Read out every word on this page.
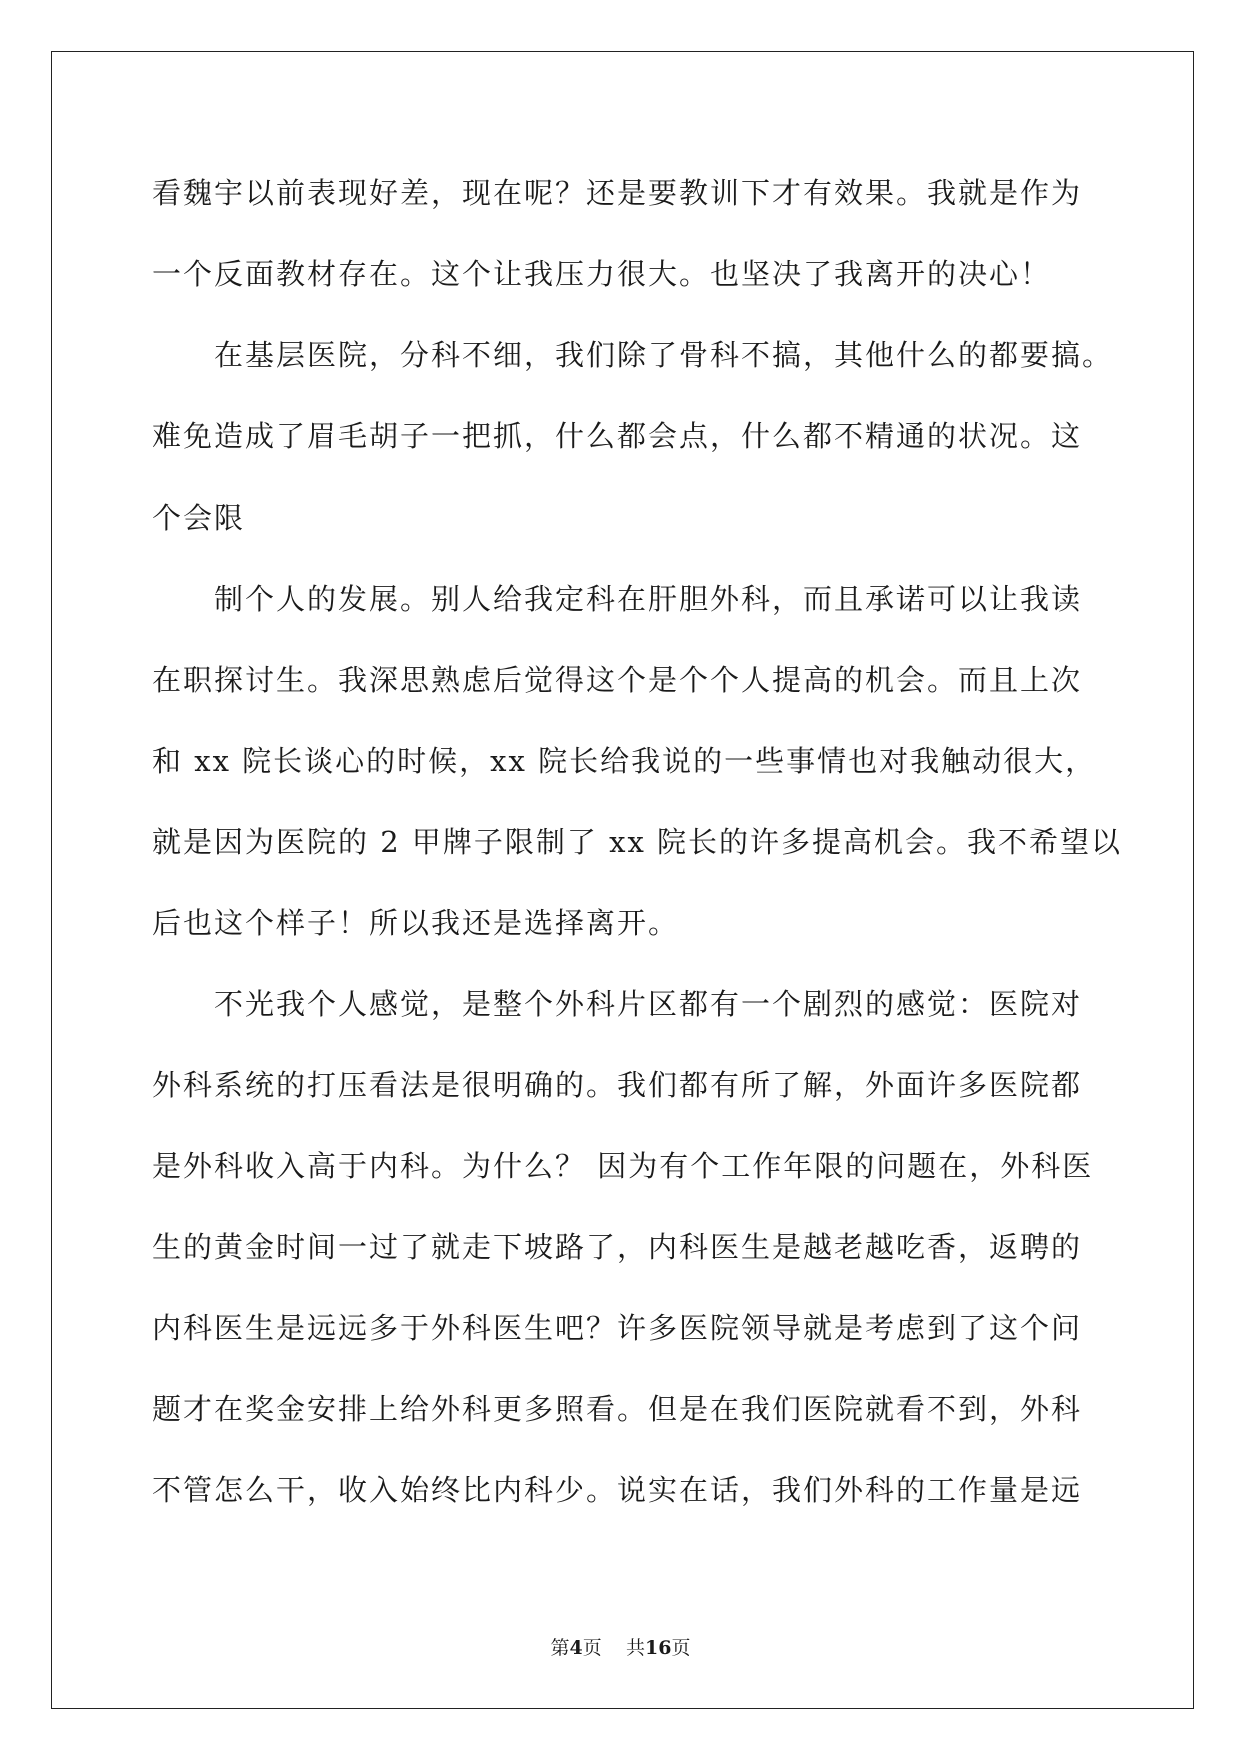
看魏宇以前表现好差，现在呢？还是要教训下才有效果。我就是作为

一个反面教材存在。这个让我压力很大。也坚决了我离开的决心！

　　在基层医院，分科不细，我们除了骨科不搞，其他什么的都要搞。

难免造成了眉毛胡子一把抓，什么都会点，什么都不精通的状况。这

个会限

　　制个人的发展。别人给我定科在肝胆外科，而且承诺可以让我读

在职探讨生。我深思熟虑后觉得这个是个个人提高的机会。而且上次

和 xx 院长谈心的时候，xx 院长给我说的一些事情也对我触动很大，

就是因为医院的 2 甲牌子限制了 xx 院长的许多提高机会。我不希望以

后也这个样子！所以我还是选择离开。

　　不光我个人感觉，是整个外科片区都有一个剧烈的感觉：医院对

外科系统的打压看法是很明确的。我们都有所了解，外面许多医院都

是外科收入高于内科。为什么？ 因为有个工作年限的问题在，外科医

生的黄金时间一过了就走下坡路了，内科医生是越老越吃香，返聘的

内科医生是远远多于外科医生吧？许多医院领导就是考虑到了这个问

题才在奖金安排上给外科更多照看。但是在我们医院就看不到，外科

不管怎么干，收入始终比内科少。说实在话，我们外科的工作量是远

第4页 共16页
